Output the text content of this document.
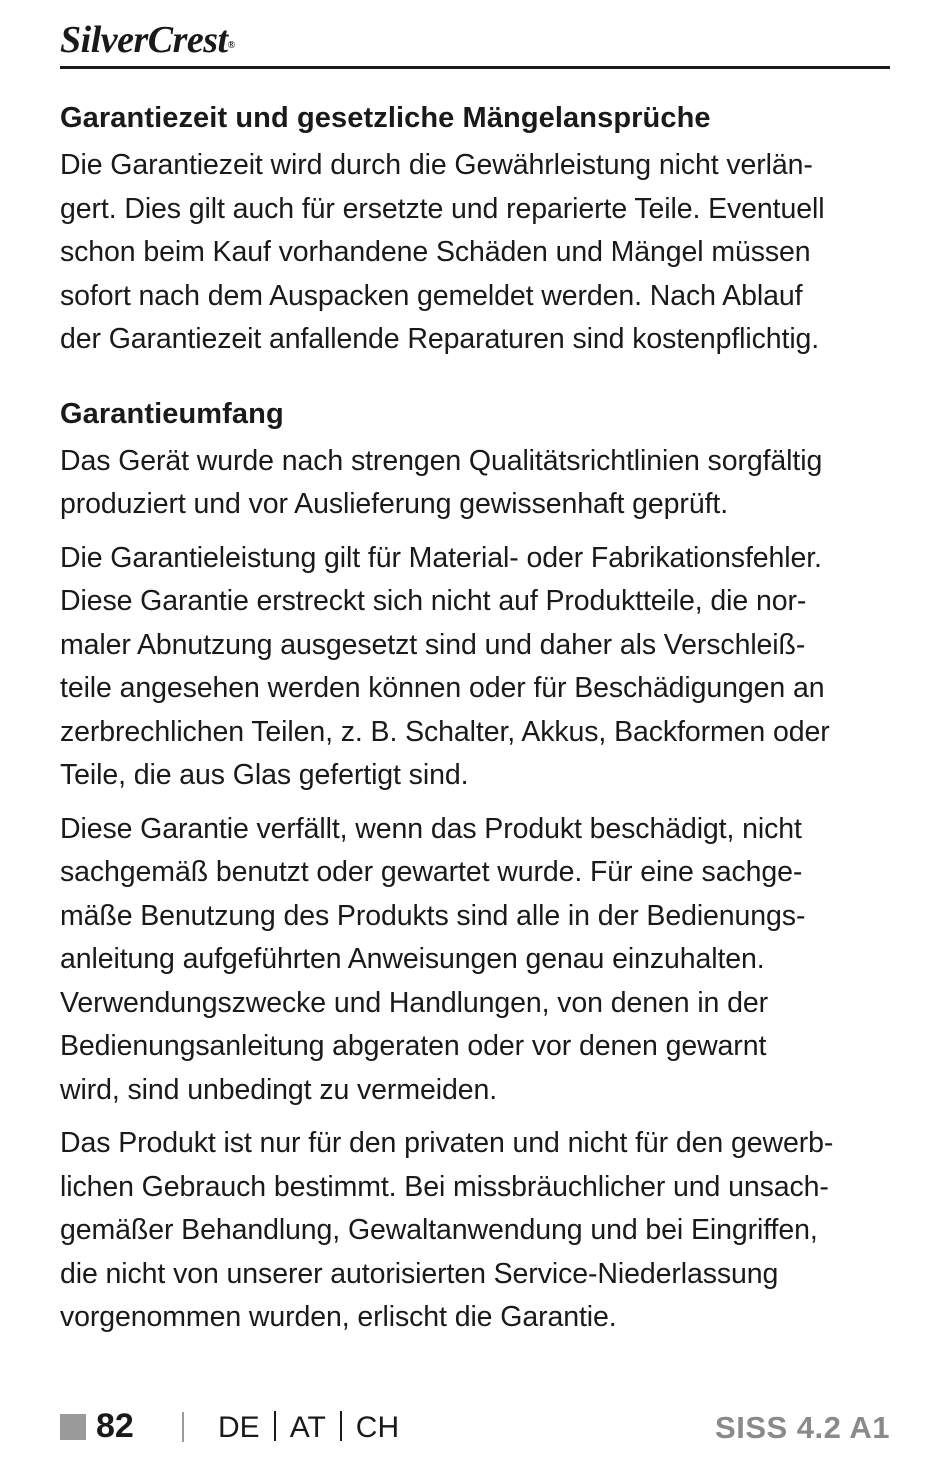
SilverCrest®
Garantiezeit und gesetzliche Mängelansprüche

Die Garantiezeit wird durch die Gewährleistung nicht verlän-
gert. Dies gilt auch für ersetzte und reparierte Teile. Eventuell
schon beim Kauf vorhandene Schäden und Mängel müssen
sofort nach dem Auspacken gemeldet werden. Nach Ablauf
der Garantiezeit anfallende Reparaturen sind kostenpflichtig.

Garantieumfang

Das Gerät wurde nach strengen Qualitätsrichtlinien sorgfältig
produziert und vor Auslieferung gewissenhaft geprüft.

Die Garantieleistung gilt für Material- oder Fabrikationsfehler.
Diese Garantie erstreckt sich nicht auf Produktteile, die nor-
maler Abnutzung ausgesetzt sind und daher als Verschleiß-
teile angesehen werden können oder für Beschädigungen an
zerbrechlichen Teilen, z. B. Schalter, Akkus, Backformen oder
Teile, die aus Glas gefertigt sind.

Diese Garantie verfällt, wenn das Produkt beschädigt, nicht
sachgemäß benutzt oder gewartet wurde. Für eine sachge-
mäße Benutzung des Produkts sind alle in der Bedienungs-
anleitung aufgeführten Anweisungen genau einzuhalten.
Verwendungszwecke und Handlungen, von denen in der
Bedienungsanleitung abgeraten oder vor denen gewarnt
wird, sind unbedingt zu vermeiden.

Das Produkt ist nur für den privaten und nicht für den gewerb-
lichen Gebrauch bestimmt. Bei missbräuchlicher und unsach-
gemäßer Behandlung, Gewaltanwendung und bei Eingriffen,
die nicht von unserer autorisierten Service-Niederlassung
vorgenommen wurden, erlischt die Garantie.

82	DE AT CH	SISS 4.2 A1
